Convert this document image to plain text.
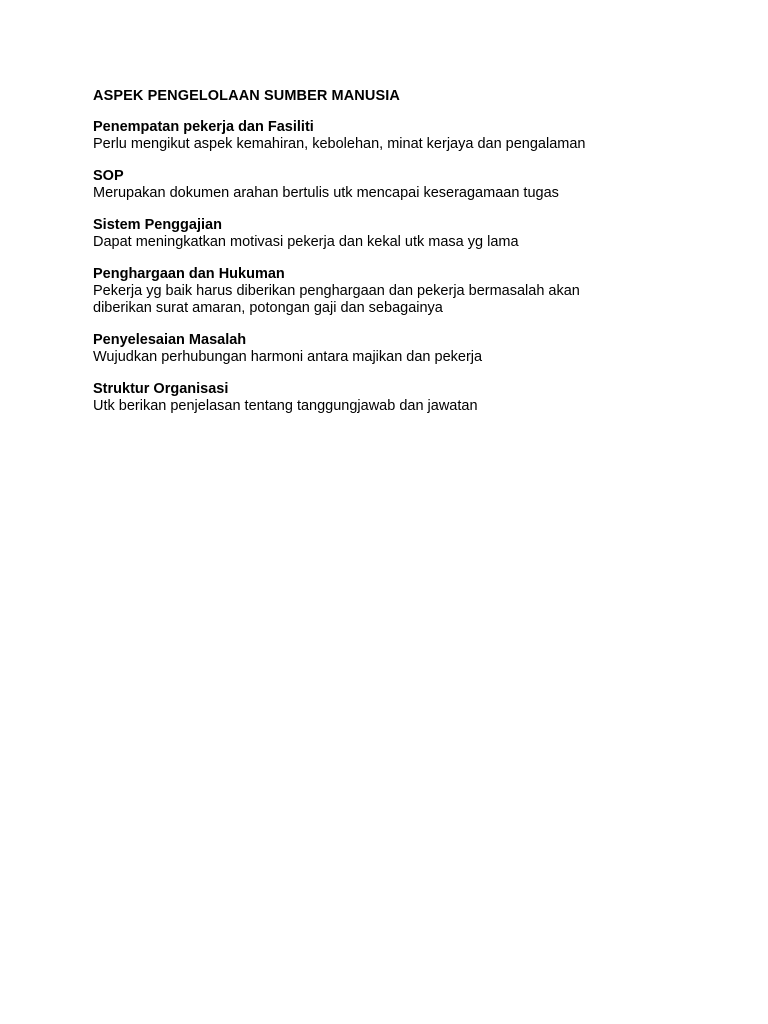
ASPEK PENGELOLAAN SUMBER MANUSIA

Penempatan pekerja dan Fasiliti

Perlu mengikut aspek kemahiran, kebolehan, minat kerjaya dan pengalaman

SOP

Merupakan dokumen arahan bertulis utk mencapai keseragamaan tugas

Sistem Penggajian

Dapat meningkatkan motivasi pekerja dan kekal utk masa yg lama

Penghargaan dan Hukuman

Pekerja yg baik harus diberikan penghargaan dan pekerja bermasalah akan
diberikan surat amaran, potongan gaji dan sebagainya

Penyelesaian Masalah

Wujudkan perhubungan harmoni antara majikan dan pekerja

Struktur Organisasi

Utk berikan penjelasan tentang tanggungjawab dan jawatan
